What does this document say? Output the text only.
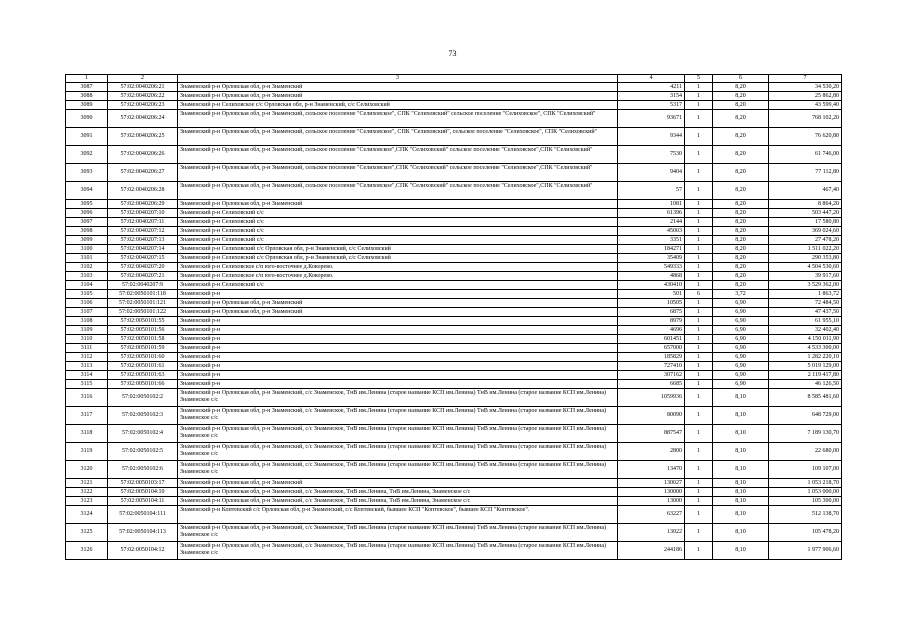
73
1	2	3	4	5	6	7
3087	57:02:0040206:21	Знаменский р-н Орловская обл, р-н Знаменский	4211	1	8,20	34 530,20
3088	57:02:0040206:22	Знаменский р-н Орловская обл, р-н Знаменский	3154	1	8,20	25 862,80
3089	57:02:0040206:23	Знаменский р-н Селиховское с/с Орловская обл, р-н Знаменский, с/с Селиховский	5317	1	8,20	43 599,40
3090	57:02:0040206:24	Знаменский р-н Орловская обл, р-н Знаменский, сельское поселение "Селиховское", СПК "Селиховский" сельское поселение "Селиховское", СПК "Селиховский"	93671	1	8,20	768 102,20
3091	57:02:0040206:25	Знаменский р-н Орловская обл, р-н Знаменский, сельское поселение "Селиховское", СПК "Селиховский", сельское поселение "Селиховское", СПК "Селиховский"	9344	1	8,20	76 620,80
3092	57:02:0040206:26	Знаменский р-н Орловская обл, р-н Знаменский, сельское поселение "Селиховское",СПК "Селиховский" сельское поселение "Селиховское",СПК "Селиховский"	7530	1	8,20	61 746,00
3093	57:02:0040206:27	Знаменский р-н Орловская обл, р-н Знаменский, сельское поселение "Селиховское",СПК "Селиховский" сельское поселение "Селиховское",СПК "Селиховский"	9404	1	8,20	77 112,80
3094	57:02:0040206:28	Знаменский р-н Орловская обл, р-н Знаменский, сельское поселение "Селиховское",СПК "Селиховский" сельское поселение "Селиховское",СПК "Селиховский"	57	1	8,20	467,40
3095	57:02:0040206:29	Знаменский р-н Орловская обл, р-н Знаменский	1081	1	8,20	8 864,20
3096	57:02:0040207:10	Знаменский р-н Селиховский с/с	61396	1	8,20	503 447,20
3097	57:02:0040207:11	Знаменский р-н Селиховский с/с	2144	1	8,20	17 580,80
3098	57:02:0040207:12	Знаменский р-н Селиховский с/с	45003	1	8,20	369 024,60
3099	57:02:0040207:13	Знаменский р-н Селиховский с/с	3351	1	8,20	27 478,20
3100	57:02:0040207:14	Знаменский р-н Селиховский с/с Орловская обл, р-н Знаменский, с/с Селиховский	184271	1	8,20	1 511 022,20
3101	57:02:0040207:15	Знаменский р-н Селиховский с/с Орловская обл, р-н Знаменский, с/с Селиховский	35409	1	8,20	290 353,80
3102	57:02:0040207:20	Знаменский р-н Селиховское с/п юго-восточнее д.Кокорево.	549333	1	8,20	4 504 530,60
3103	57:02:0040207:21	Знаменский р-н Селиховское с/п юго-восточнее д.Кокорево.	4868	1	8,20	39 917,60
3104	57:02:0040207:9	Знаменский р-н Селиховский с/с	430410	1	8,20	3 529 362,00
3105	57:02:0050101:118	Знаменский р-н	501	6	3,72	1 863,72
3106	57:02:0050101:121	Знаменский р-н Орловская обл, р-н Знаменский	10505	1	6,90	72 484,50
3107	57:02:0050101:122	Знаменский р-н Орловская обл, р-н Знаменский	6875	1	6,90	47 437,50
3108	57:02:0050101:55	Знаменский р-н	8979	1	6,90	61 955,10
3109	57:02:0050101:56	Знаменский р-н	4696	1	6,90	32 402,40
3110	57:02:0050101:58	Знаменский р-н	601451	1	6,90	4 150 011,90
3111	57:02:0050101:59	Знаменский р-н	657000	1	6,90	4 533 300,00
3112	57:02:0050101:60	Знаменский р-н	185829	1	6,90	1 282 220,10
3113	57:02:0050101:61	Знаменский р-н	727410	1	6,90	5 019 129,00
3114	57:02:0050101:63	Знаменский р-н	307162	1	6,90	2 119 417,80
3115	57:02:0050101:66	Знаменский р-н	6685	1	6,90	46 126,50
3116	57:02:0050102:2	Знаменский р-н Орловская обл, р-н Знаменский, с/с Знаменское, ТнВ им.Ленина (старое название КСП им.Ленина) ТнВ им.Ленина (старое название КСП им.Ленина) Знаменское с/с	1059936	1	8,10	8 585 481,60
3117	57:02:0050102:3	Знаменский р-н Орловская обл, р-н Знаменский, с/с Знаменское, ТнВ им.Ленина (старое название КСП им.Ленина) ТнВ им.Ленина (старое название КСП им.Ленина) Знаменское с/с	80090	1	8,10	648 729,00
3118	57:02:0050102:4	Знаменский р-н Орловская обл, р-н Знаменский, с/с Знаменское, ТнВ им.Ленина (старое название КСП им.Ленина) ТнВ им.Ленина (старое название КСП им.Ленина) Знаменское с/с	887547	1	8,10	7 189 130,70
3119	57:02:0050102:5	Знаменский р-н Орловская обл, р-н Знаменский, с/с Знаменское, ТнВ им.Ленина (старое название КСП им.Ленина) ТнВ им.Ленина (старое название КСП им.Ленина) Знаменское с/с	2800	1	8,10	22 680,00
3120	57:02:0050102:6	Знаменский р-н Орловская обл, р-н Знаменский, с/с Знаменское, ТнВ им.Ленина (старое название КСП им.Ленина) ТнВ им.Ленина (старое название КСП им.Ленина) Знаменское с/с	13470	1	8,10	109 107,00
3121	57:02:0050103:17	Знаменский р-н Орловская обл, р-н Знаменский	130027	1	8,10	1 053 218,70
3122	57:02:0050104:10	Знаменский р-н Орловская обл, р-н Знаменский, с/с Знаменское, ТнВ им.Ленина, ТнВ им.Ленина, Знаменское с/с	130000	1	8,10	1 053 000,00
3123	57:02:0050104:11	Знаменский р-н Орловская обл, р-н Знаменский, с/с Знаменское, ТнВ им.Ленина, ТнВ им.Ленина, Знаменское с/с	13000	1	8,10	105 300,00
3124	57:02:0050104:111	Знаменский р-н Коптевский с/с Орловская обл, р-н Знаменский, с/с Коптевский, бывшее КСП "Коптевское", бывшее КСП "Коптевское".	63227	1	8,10	512 138,70
3125	57:02:0050104:113	Знаменский р-н Орловская обл, р-н Знаменский, с/с Знаменское, ТнВ им.Ленина (старое название КСП им.Ленина) ТнВ им.Ленина (старое название КСП им.Ленина) Знаменское с/с	13022	1	8,10	105 478,20
3126	57:02:0050104:12	Знаменский р-н Орловская обл, р-н Знаменский, с/с Знаменское, ТнВ им.Ленина (старое название КСП им.Ленина) ТнВ им.Ленина (старое название КСП им.Ленина) Знаменское с/с	244186	1	8,10	1 977 906,60
